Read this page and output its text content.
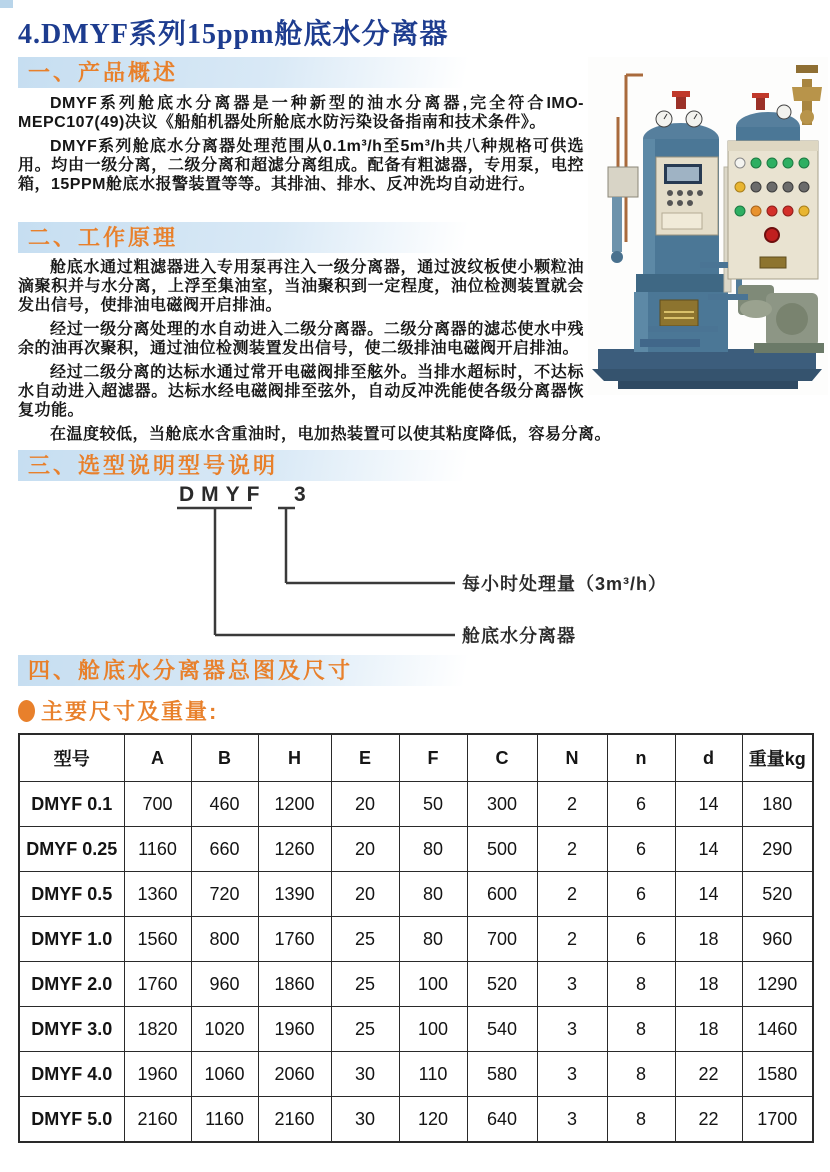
4.DMYF系列15ppm舱底水分离器
一、产品概述

DMYF系列舱底水分离器是一种新型的油水分离器,完全符合IMO-MEPC107(49)决议《船舶机器处所舱底水防污染设备指南和技术条件》。

DMYF系列舱底水分离器处理范围从0.1m³/h至5m³/h共八种规格可供选用。均由一级分离，二级分离和超滤分离组成。配备有粗滤器，专用泵，电控箱，15PPM舱底水报警装置等等。其排油、排水、反冲洗均自动进行。

二、工作原理

舱底水通过粗滤器进入专用泵再注入一级分离器，通过波纹板使小颗粒油滴聚积并与水分离，上浮至集油室，当油聚积到一定程度，油位检测装置就会发出信号，使排油电磁阀开启排油。

经过一级分离处理的水自动进入二级分离器。二级分离器的滤芯使水中残余的油再次聚积，通过油位检测装置发出信号，使二级排油电磁阀开启排油。

经过二级分离的达标水通过常开电磁阀排至舷外。当排水超标时，不达标水自动进入超滤器。达标水经电磁阀排至弦外，自动反冲洗能使各级分离器恢复功能。

在温度较低，当舱底水含重油时，电加热装置可以使其粘度降低，容易分离。

三、选型说明型号说明
DMYF 3
每小时处理量（3m³/h）
舱底水分离器
四、舱底水分离器总图及尺寸
主要尺寸及重量:
型号	A	B	H	E	F	C	N	n	d	重量kg
DMYF 0.1	700	460	1200	20	50	300	2	6	14	180
DMYF 0.25	1160	660	1260	20	80	500	2	6	14	290
DMYF 0.5	1360	720	1390	20	80	600	2	6	14	520
DMYF 1.0	1560	800	1760	25	80	700	2	6	18	960
DMYF 2.0	1760	960	1860	25	100	520	3	8	18	1290
DMYF 3.0	1820	1020	1960	25	100	540	3	8	18	1460
DMYF 4.0	1960	1060	2060	30	110	580	3	8	22	1580
DMYF 5.0	2160	1160	2160	30	120	640	3	8	22	1700
